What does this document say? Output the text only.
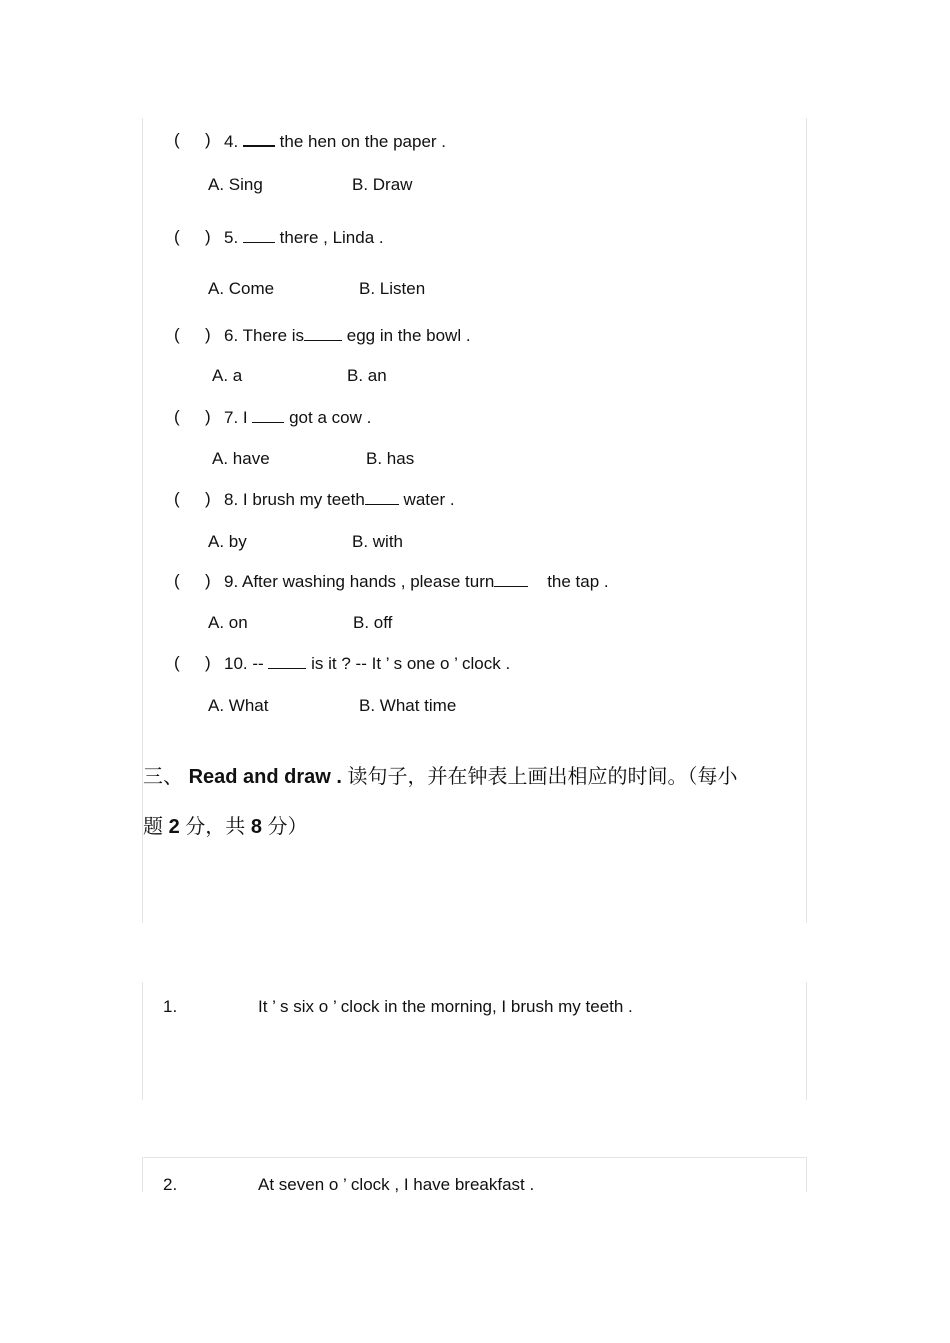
( ) 4.  the hen on the paper .
A. Sing	B. Draw
( ) 5.  there , Linda .
A. Come	B. Listen
( ) 6. There is egg in the bowl .
A. a	B. an
( ) 7. I  got a cow .
A. have	B. has
( ) 8. I brush my teeth water .
A. by	B. with
( ) 9. After washing hands , please turn    the tap .
A. on	B. off
( ) 10. --  is it ? -- It ’ s one o ’ clock .
A. What	B. What time
三、 Read and draw . 读句子，并在钟表上画出相应的时间。（每小
题 2 分，共 8 分）
1.	It ’ s six o ’ clock in the morning, I brush my teeth .
2.	At seven o ’ clock , I have breakfast .
